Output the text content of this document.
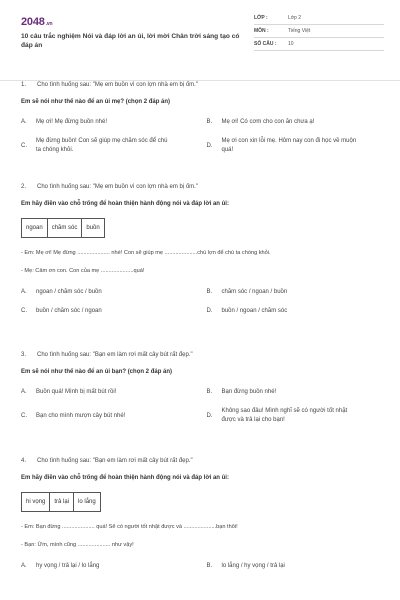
2048.vn
10 câu trắc nghiệm Nói và đáp lời an ủi, lời mời Chân trời sáng tạo có đáp án
LỚP :	Lớp 2
MÔN :	Tiếng Việt
SỐ CÂU :	10
1.	Cho tình huống sau: "Mẹ em buồn vì con lợn nhà em bị ốm."
Em sẽ nói như thế nào để an ủi mẹ? (chọn 2 đáp án)
A.	Mẹ ơi! Mẹ đừng buồn nhé!	B.	Mẹ ơi! Có cơm cho con ăn chưa ạ!
C.
Mẹ đừng buồn! Con sẽ giúp mẹ chăm sóc để chú ta chóng khỏi.
D.
Mẹ ơi con xin lỗi mẹ. Hôm nay con đi học về muộn quá!
2.	Cho tình huống sau: "Mẹ em buồn vì con lợn nhà em bị ốm."
Em hãy điền vào chỗ trống để hoàn thiện hành động nói và đáp lời an ủi:
ngoan	chăm sóc	buồn
- Em: Mẹ ơi! Mẹ đừng ..................... nhé! Con sẽ giúp mẹ .....................chú lợn để chú ta chóng khỏi.
- Mẹ: Cảm ơn con. Con của mẹ .....................quá!
A.	ngoan / chăm sóc / buồn	B.	chăm sóc / ngoan / buồn
C.	buồn / chăm sóc / ngoan	D.	buồn / ngoan / chăm sóc
3.	Cho tình huống sau: "Bạn em làm rơi mất cây bút rất đẹp."
Em sẽ nói như thế nào để an ủi bạn? (chọn 2 đáp án)
A.	Buồn quá! Mình bị mất bút rồi!	B.	Bạn đừng buồn nhé!
C.	Bạn cho mình mượn cây bút nhé!	D.
Không sao đâu! Mình nghĩ sẽ có người tốt nhặt được và trả lại cho bạn!
4.	Cho tình huống sau: "Bạn em làm rơi mất cây bút rất đẹp."
Em hãy điền vào chỗ trống để hoàn thiện hành động nói và đáp lời an ủi:
hi vọng	trả lại	lo lắng
- Em: Bạn đừng ..................... quá! Sẽ có người tốt nhặt được và .....................bạn thôi!
- Bạn: Ừm, mình cũng ..................... như vậy!
A.	hy vọng / trả lại / lo lắng	B.	lo lắng / hy vọng / trả lại
